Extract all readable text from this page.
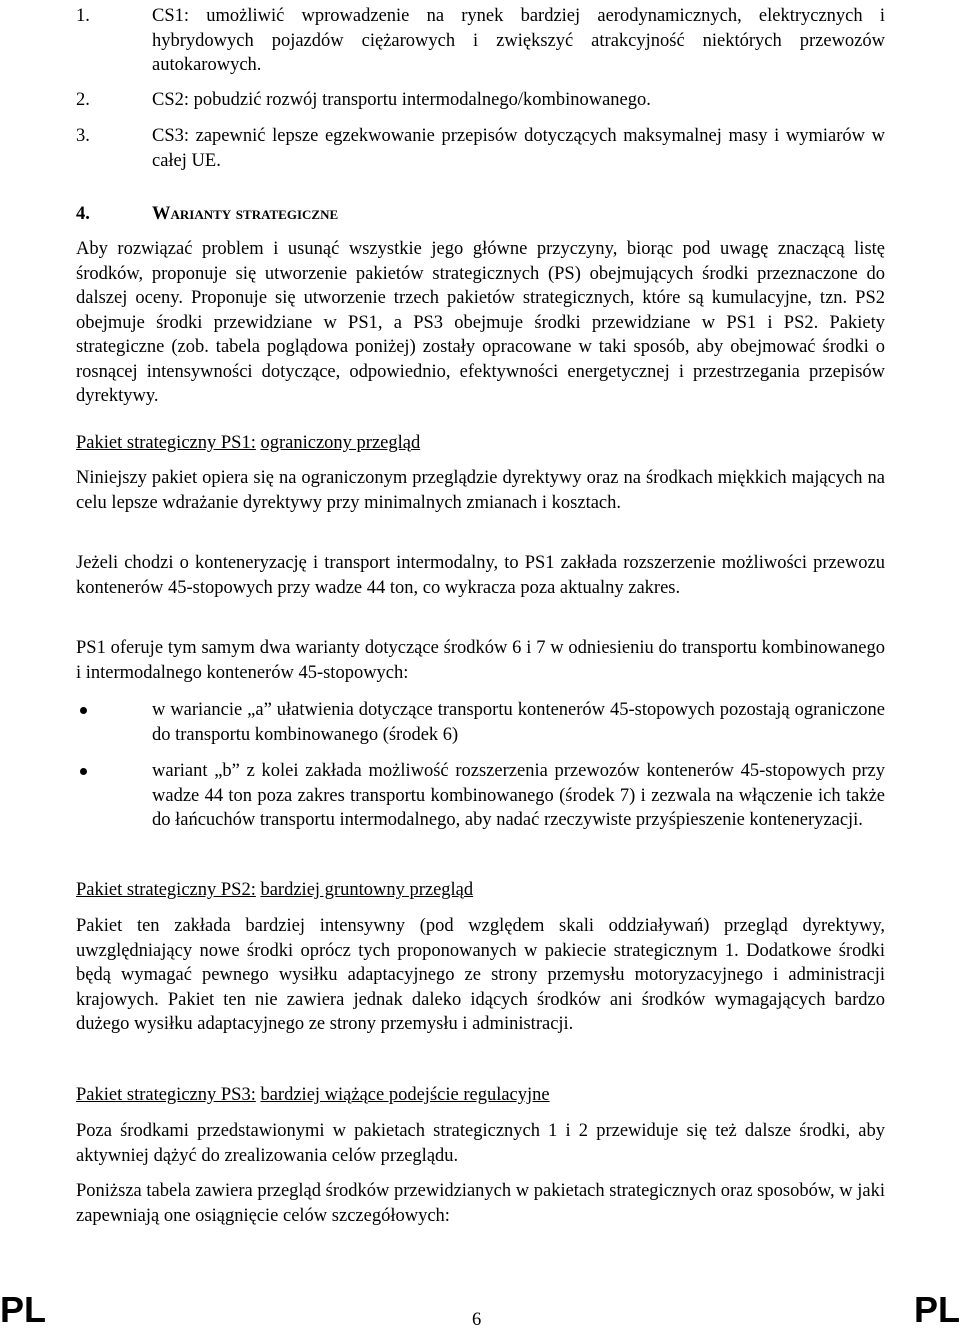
1.	CS1: umożliwić wprowadzenie na rynek bardziej aerodynamicznych, elektrycznych i hybrydowych pojazdów ciężarowych i zwiększyć atrakcyjność niektórych przewozów autokarowych.
2.	CS2: pobudzić rozwój transportu intermodalnego/kombinowanego.
3.	CS3: zapewnić lepsze egzekwowanie przepisów dotyczących maksymalnej masy i wymiarów w całej UE.
4.	Warianty strategiczne
Aby rozwiązać problem i usunąć wszystkie jego główne przyczyny, biorąc pod uwagę znaczącą listę środków, proponuje się utworzenie pakietów strategicznych (PS) obejmujących środki przeznaczone do dalszej oceny. Proponuje się utworzenie trzech pakietów strategicznych, które są kumulacyjne, tzn. PS2 obejmuje środki przewidziane w PS1, a PS3 obejmuje środki przewidziane w PS1 i PS2. Pakiety strategiczne (zob. tabela poglądowa poniżej) zostały opracowane w taki sposób, aby obejmować środki o rosnącej intensywności dotyczące, odpowiednio, efektywności energetycznej i przestrzegania przepisów dyrektywy.
Pakiet strategiczny PS1: ograniczony przegląd
Niniejszy pakiet opiera się na ograniczonym przeglądzie dyrektywy oraz na środkach miękkich mających na celu lepsze wdrażanie dyrektywy przy minimalnych zmianach i kosztach.
Jeżeli chodzi o konteneryzację i transport intermodalny, to PS1 zakłada rozszerzenie możliwości przewozu kontenerów 45-stopowych przy wadze 44 ton, co wykracza poza aktualny zakres.
PS1 oferuje tym samym dwa warianty dotyczące środków 6 i 7 w odniesieniu do transportu kombinowanego i intermodalnego kontenerów 45-stopowych:
w wariancie „a” ułatwienia dotyczące transportu kontenerów 45-stopowych pozostają ograniczone do transportu kombinowanego (środek 6)
wariant „b” z kolei zakłada możliwość rozszerzenia przewozów kontenerów 45-stopowych przy wadze 44 ton poza zakres transportu kombinowanego (środek 7) i zezwala na włączenie ich także do łańcuchów transportu intermodalnego, aby nadać rzeczywiste przyśpieszenie konteneryzacji.
Pakiet strategiczny PS2: bardziej gruntowny przegląd
Pakiet ten zakłada bardziej intensywny (pod względem skali oddziaływań) przegląd dyrektywy, uwzględniający nowe środki oprócz tych proponowanych w pakiecie strategicznym 1. Dodatkowe środki będą wymagać pewnego wysiłku adaptacyjnego ze strony przemysłu motoryzacyjnego i administracji krajowych. Pakiet ten nie zawiera jednak daleko idących środków ani środków wymagających bardzo dużego wysiłku adaptacyjnego ze strony przemysłu i administracji.
Pakiet strategiczny PS3: bardziej wiążące podejście regulacyjne
Poza środkami przedstawionymi w pakietach strategicznych 1 i 2 przewiduje się też dalsze środki, aby aktywniej dążyć do zrealizowania celów przeglądu.
Poniższa tabela zawiera przegląd środków przewidzianych w pakietach strategicznych oraz sposobów, w jaki zapewniają one osiągnięcie celów szczegółowych:
PL	6	PL
